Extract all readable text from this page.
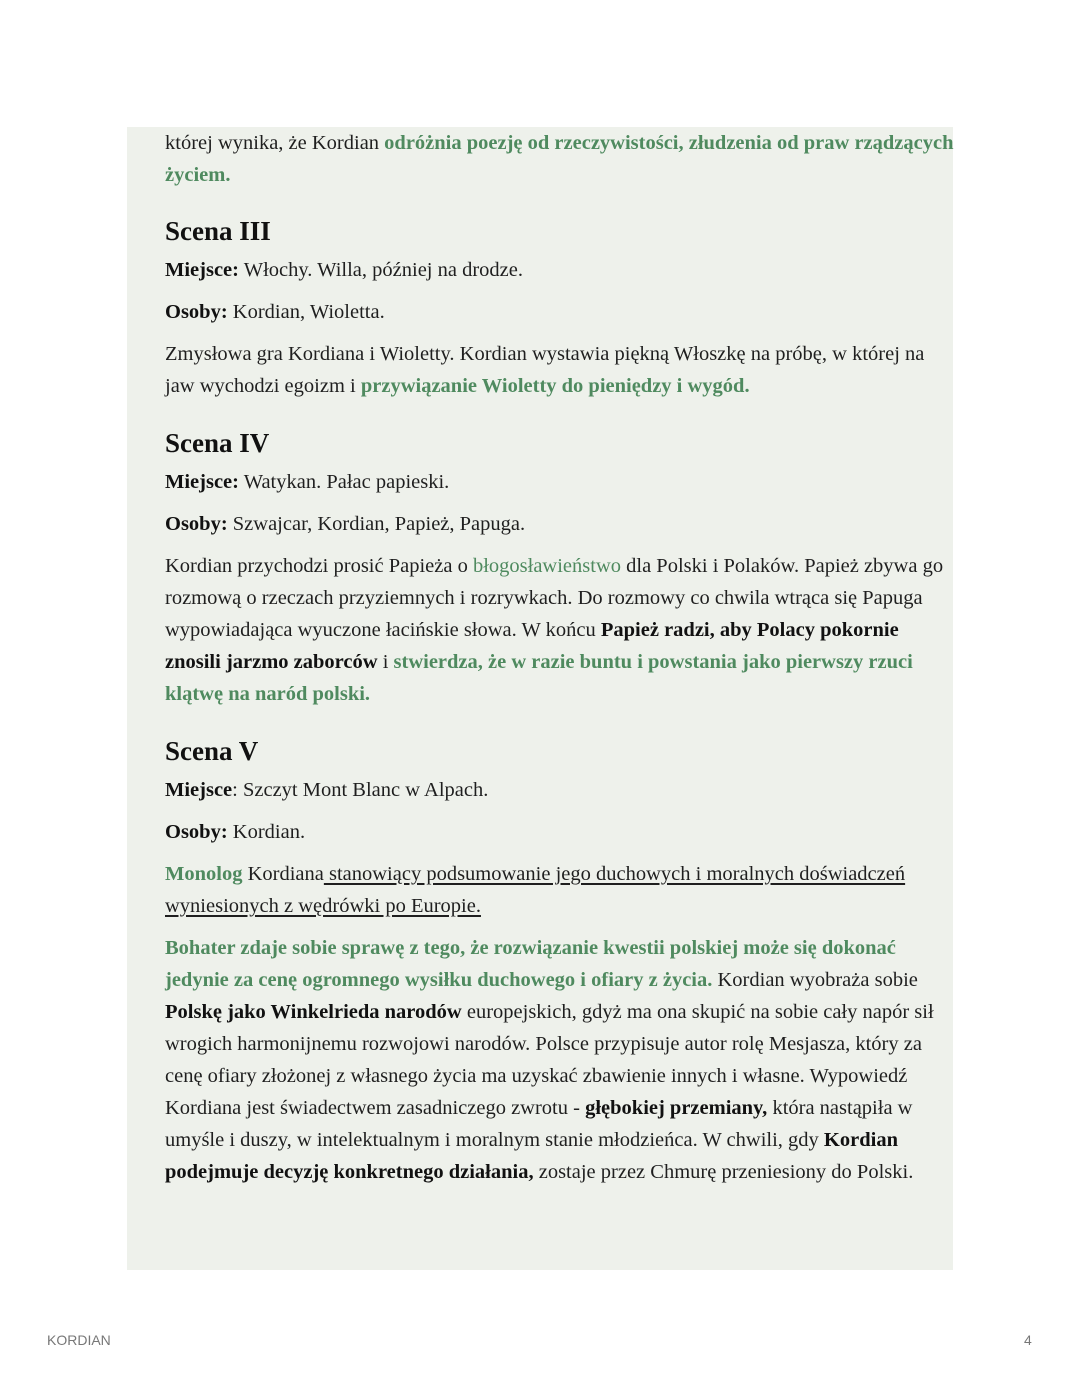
której wynika, że Kordian odróżnia poezję od rzeczywistości, złudzenia od praw rządzących życiem.

Scena III

Miejsce: Włochy. Willa, później na drodze.

Osoby: Kordian, Wioletta.

Zmysłowa gra Kordiana i Wioletty. Kordian wystawia piękną Włoszkę na próbę, w której na jaw wychodzi egoizm i przywiązanie Wioletty do pieniędzy i wygód.

Scena IV

Miejsce: Watykan. Pałac papieski.

Osoby: Szwajcar, Kordian, Papież, Papuga.

Kordian przychodzi prosić Papieża o błogosławieństwo dla Polski i Polaków. Papież zbywa go rozmową o rzeczach przyziemnych i rozrywkach. Do rozmowy co chwila wtrąca się Papuga wypowiadająca wyuczone łacińskie słowa. W końcu Papież radzi, aby Polacy pokornie znosili jarzmo zaborców i stwierdza, że w razie buntu i powstania jako pierwszy rzuci klątwę na naród polski.

Scena V

Miejsce: Szczyt Mont Blanc w Alpach.

Osoby: Kordian.

Monolog Kordiana stanowiący podsumowanie jego duchowych i moralnych doświadczeń wyniesionych z wędrówki po Europie.

Bohater zdaje sobie sprawę z tego, że rozwiązanie kwestii polskiej może się dokonać jedynie za cenę ogromnego wysiłku duchowego i ofiary z życia. Kordian wyobraża sobie Polskę jako Winkelrieda narodów europejskich, gdyż ma ona skupić na sobie cały napór sił wrogich harmonijnemu rozwojowi narodów. Polsce przypisuje autor rolę Mesjasza, który za cenę ofiary złożonej z własnego życia ma uzyskać zbawienie innych i własne. Wypowiedź Kordiana jest świadectwem zasadniczego zwrotu - głębokiej przemiany, która nastąpiła w umyśle i duszy, w intelektualnym i moralnym stanie młodzieńca. W chwili, gdy Kordian podejmuje decyzję konkretnego działania, zostaje przez Chmurę przeniesiony do Polski.

KORDIAN	4
